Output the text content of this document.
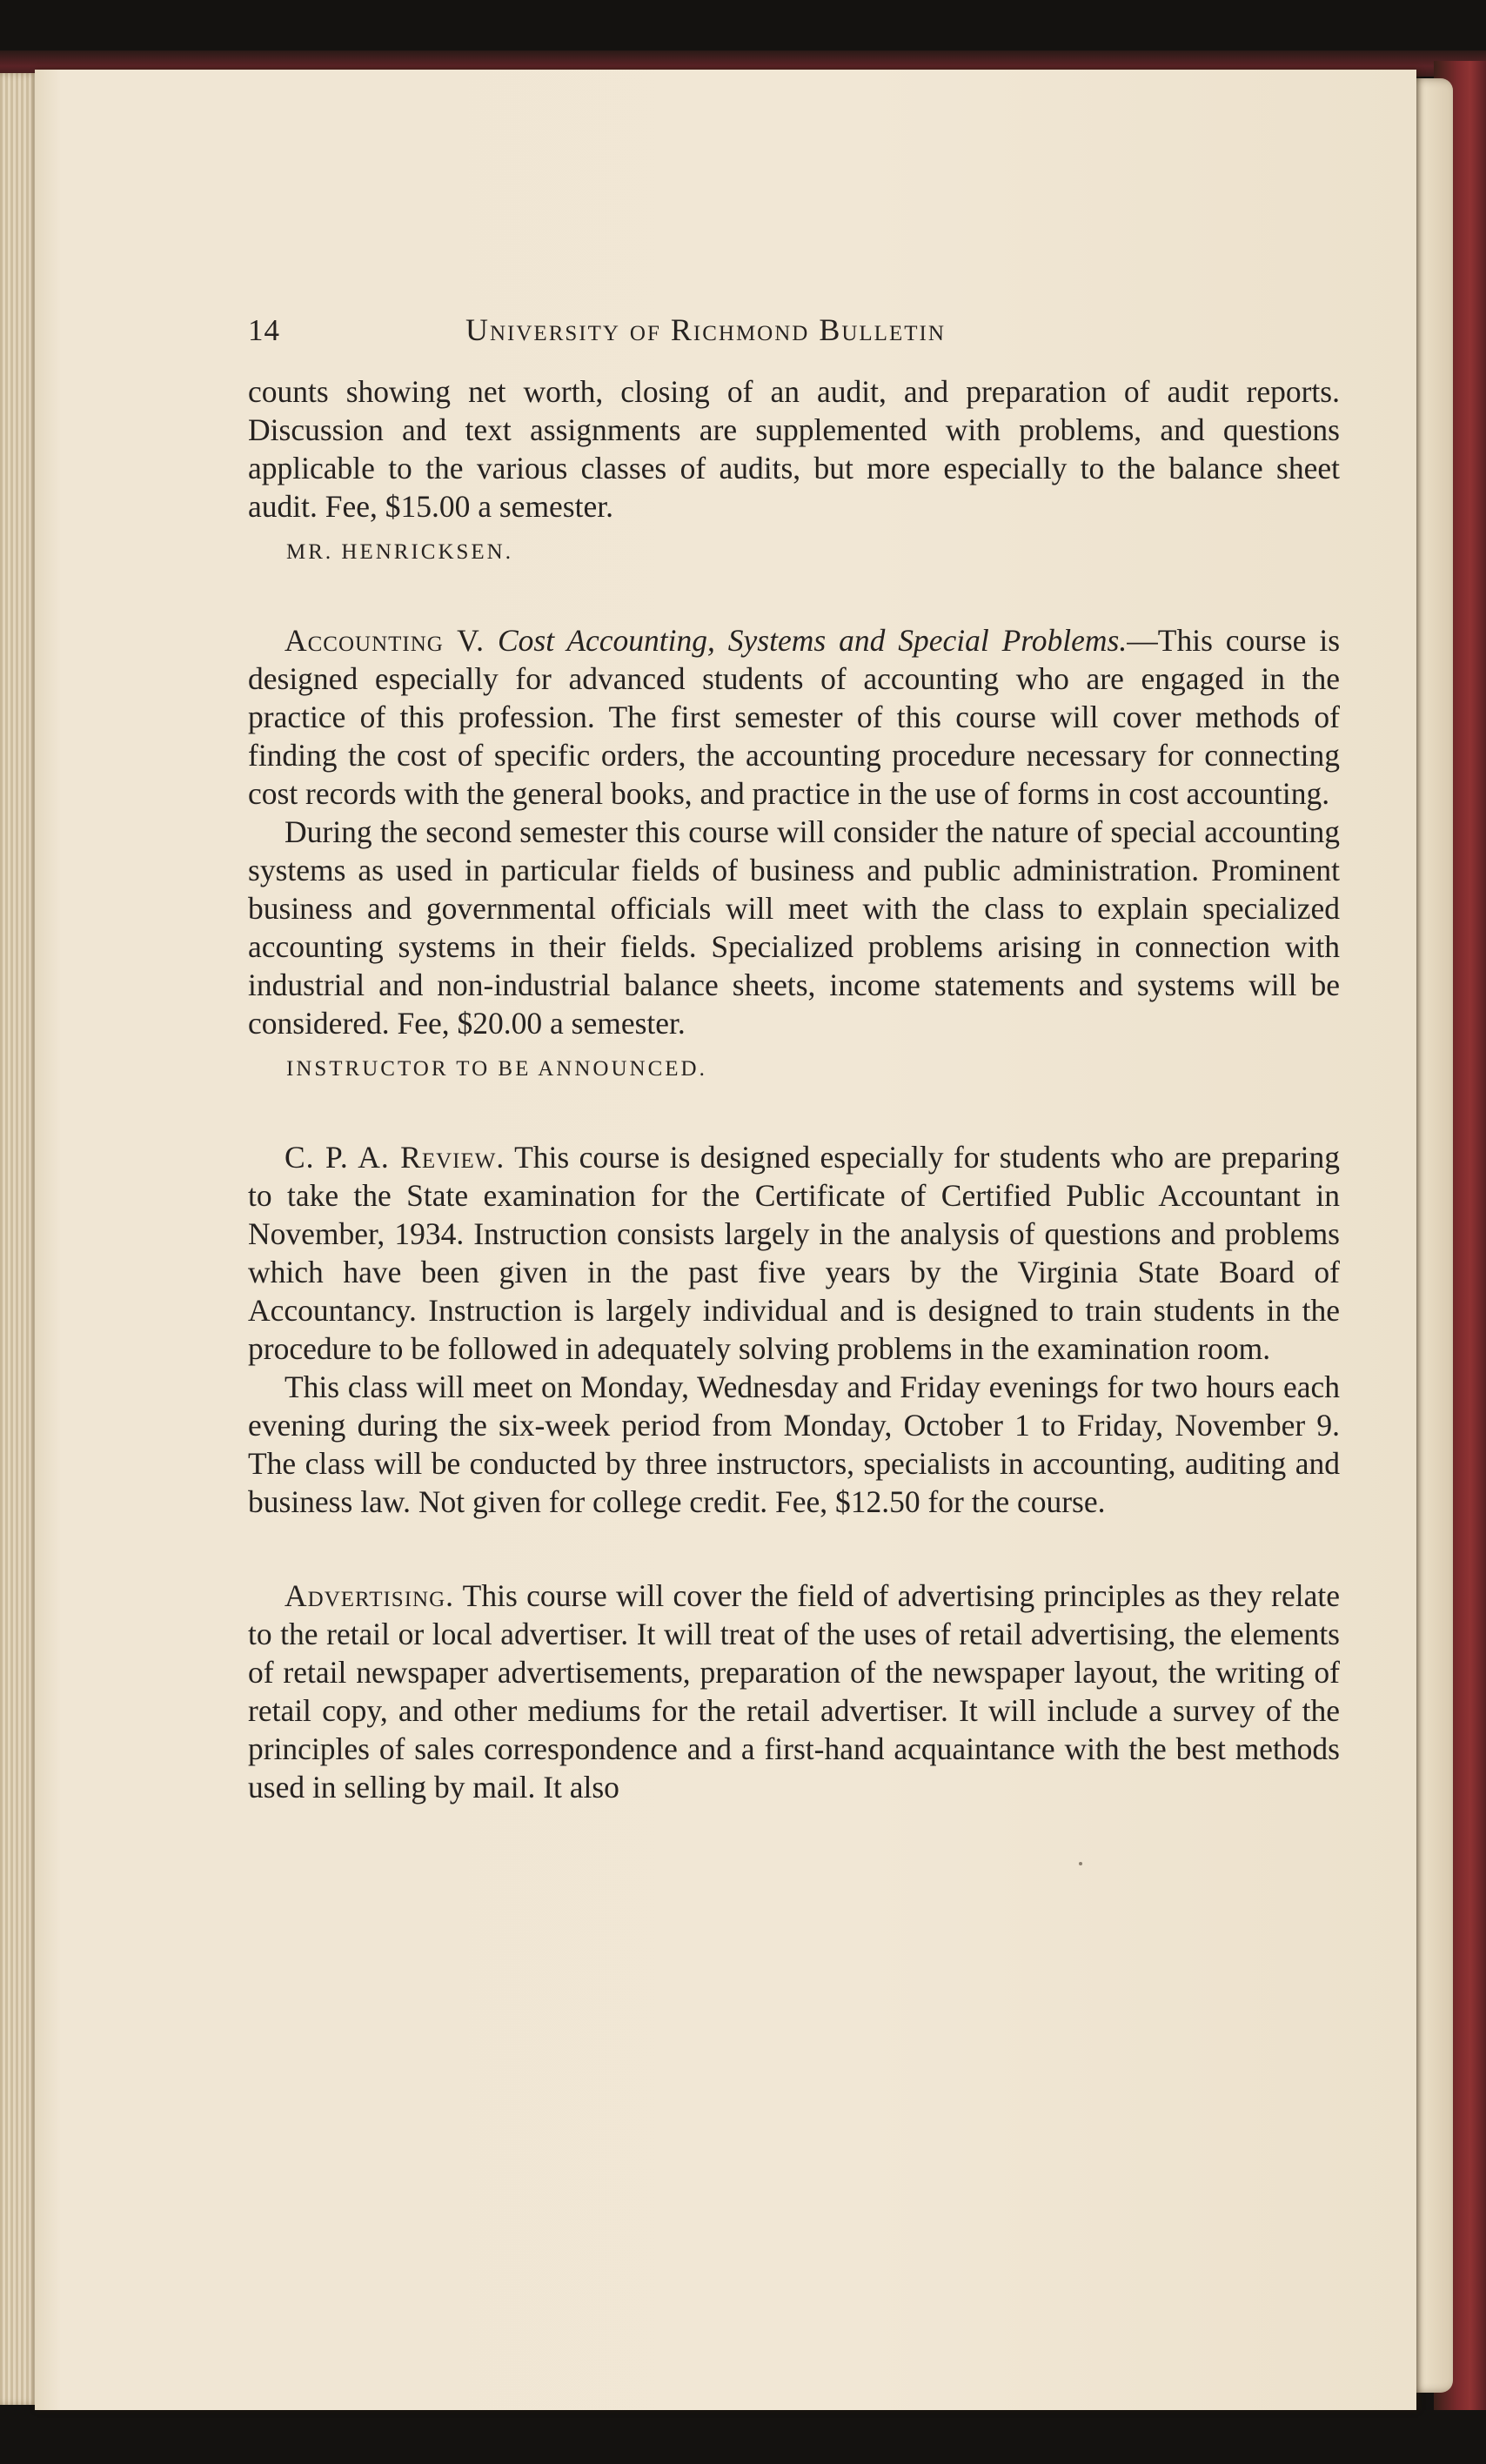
14	University of Richmond Bulletin

counts showing net worth, closing of an audit, and preparation of audit reports. Discussion and text assignments are supplemented with problems, and questions applicable to the various classes of audits, but more especially to the balance sheet audit. Fee, $15.00 a semester.

MR. HENRICKSEN.

Accounting V. Cost Accounting, Systems and Special Problems.—This course is designed especially for advanced students of accounting who are engaged in the practice of this profession. The first semester of this course will cover methods of finding the cost of specific orders, the accounting procedure necessary for connecting cost records with the general books, and practice in the use of forms in cost accounting.

During the second semester this course will consider the nature of special accounting systems as used in particular fields of business and public administration. Prominent business and governmental officials will meet with the class to explain specialized accounting systems in their fields. Specialized problems arising in connection with industrial and non-industrial balance sheets, income statements and systems will be considered. Fee, $20.00 a semester.

INSTRUCTOR TO BE ANNOUNCED.

C. P. A. Review. This course is designed especially for students who are preparing to take the State examination for the Certificate of Certified Public Accountant in November, 1934. Instruction consists largely in the analysis of questions and problems which have been given in the past five years by the Virginia State Board of Accountancy. Instruction is largely individual and is designed to train students in the procedure to be followed in adequately solving problems in the examination room.

This class will meet on Monday, Wednesday and Friday evenings for two hours each evening during the six-week period from Monday, October 1 to Friday, November 9. The class will be conducted by three instructors, specialists in accounting, auditing and business law. Not given for college credit. Fee, $12.50 for the course.

Advertising. This course will cover the field of advertising principles as they relate to the retail or local advertiser. It will treat of the uses of retail advertising, the elements of retail newspaper advertisements, preparation of the newspaper layout, the writing of retail copy, and other mediums for the retail advertiser. It will include a survey of the principles of sales correspondence and a first-hand acquaintance with the best methods used in selling by mail. It also
